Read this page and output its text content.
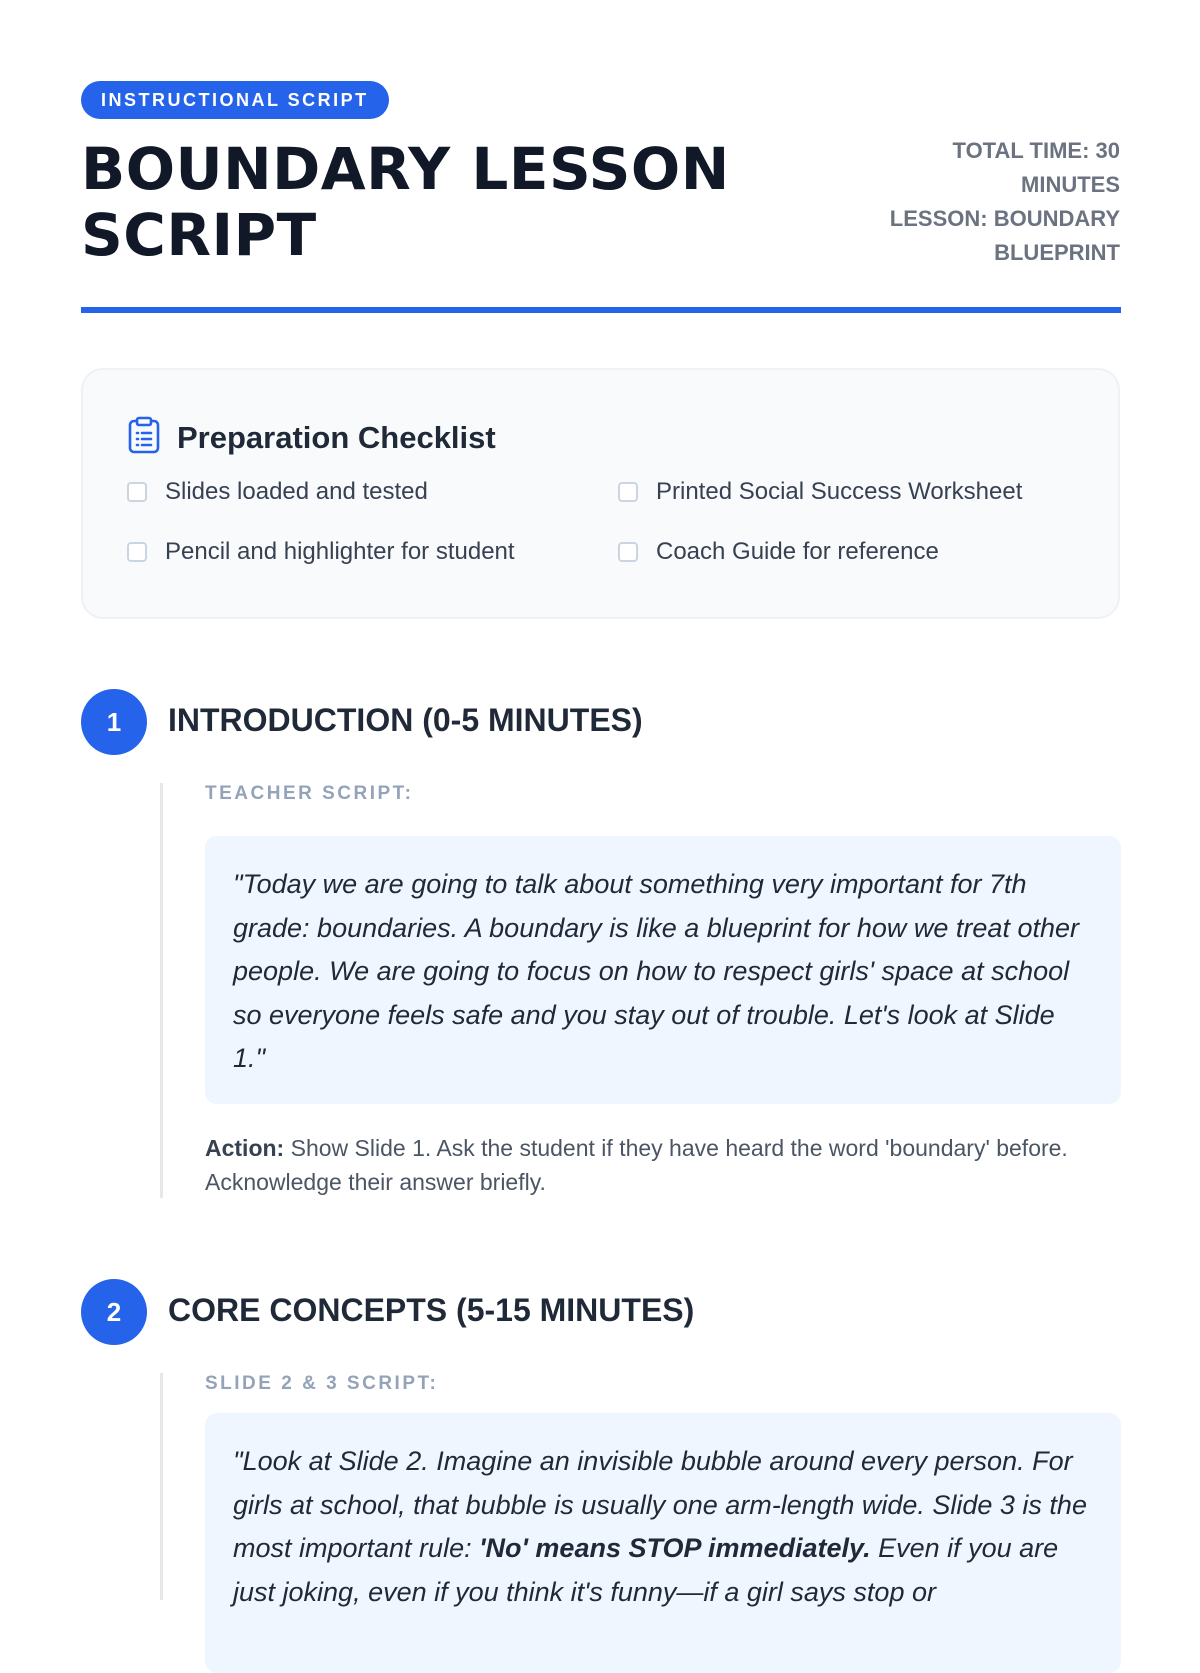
INSTRUCTIONAL SCRIPT
BOUNDARY LESSON SCRIPT
TOTAL TIME: 30 MINUTES
LESSON: BOUNDARY BLUEPRINT
Preparation Checklist
Slides loaded and tested	Printed Social Success Worksheet
Pencil and highlighter for student	Coach Guide for reference
1	INTRODUCTION (0-5 MINUTES)
TEACHER SCRIPT:
"Today we are going to talk about something very important for 7th grade: boundaries. A boundary is like a blueprint for how we treat other people. We are going to focus on how to respect girls' space at school so everyone feels safe and you stay out of trouble. Let's look at Slide 1."
Action: Show Slide 1. Ask the student if they have heard the word 'boundary' before. Acknowledge their answer briefly.
2	CORE CONCEPTS (5-15 MINUTES)
SLIDE 2 & 3 SCRIPT:
"Look at Slide 2. Imagine an invisible bubble around every person. For girls at school, that bubble is usually one arm-length wide. Slide 3 is the most important rule: 'No' means STOP immediately. Even if you are just joking, even if you think it's funny—if a girl says stop or
